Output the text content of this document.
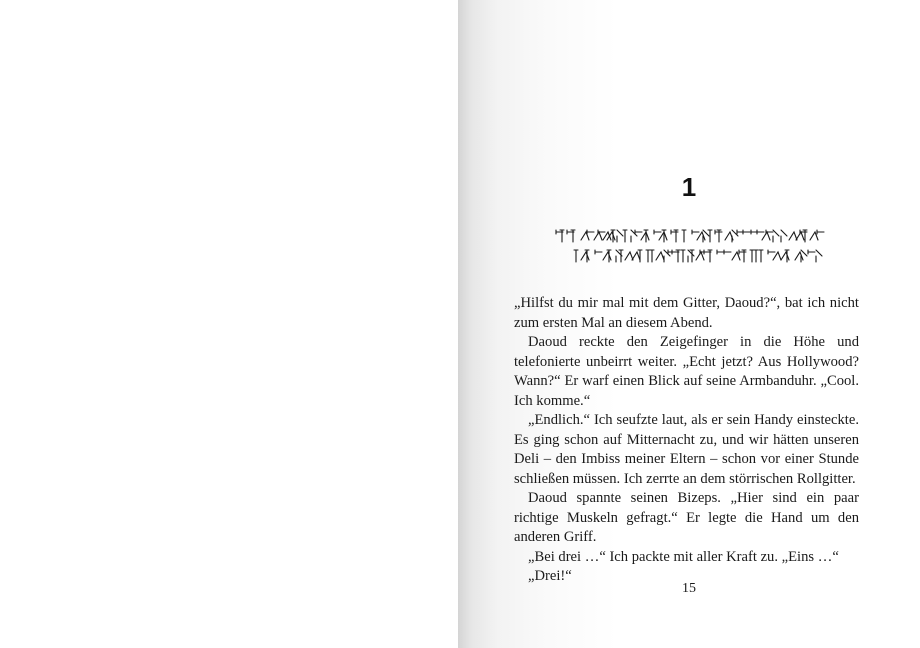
1

„Hilfst du mir mal mit dem Gitter, Daoud?“, bat ich nicht zum ersten Mal an diesem Abend.

Daoud reckte den Zeigefinger in die Höhe und telefonierte unbeirrt weiter. „Echt jetzt? Aus Hollywood? Wann?“ Er warf einen Blick auf seine Armbanduhr. „Cool. Ich komme.“

„Endlich.“ Ich seufzte laut, als er sein Handy einsteckte. Es ging schon auf Mitternacht zu, und wir hätten unseren Deli – den Imbiss meiner Eltern – schon vor einer Stunde schließen müssen. Ich zerrte an dem störrischen Rollgitter.

Daoud spannte seinen Bizeps. „Hier sind ein paar richtige Muskeln gefragt.“ Er legte die Hand um den anderen Griff.

„Bei drei …“ Ich packte mit aller Kraft zu. „Eins …“

„Drei!“

15
